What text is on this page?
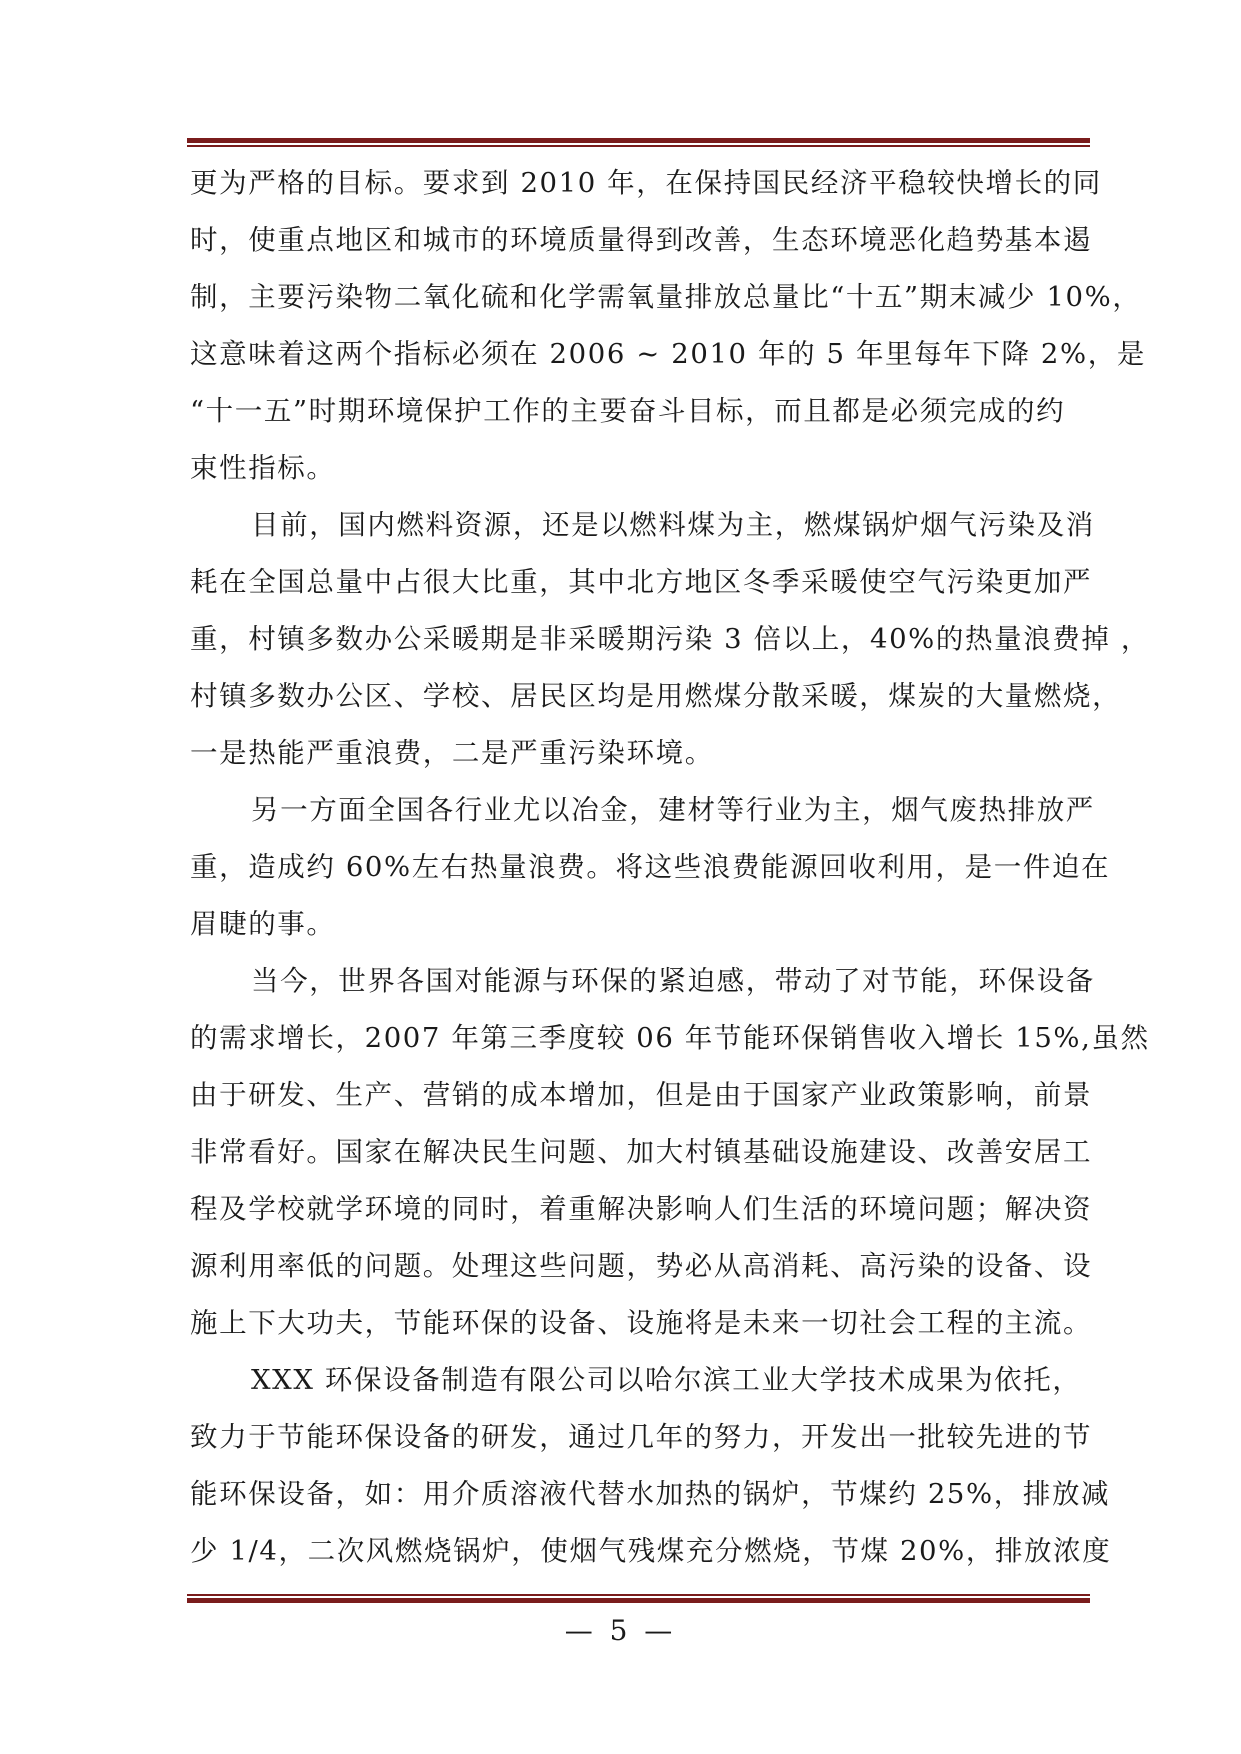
更为严格的目标。要求到 2010 年，在保持国民经济平稳较快增长的同
时，使重点地区和城市的环境质量得到改善，生态环境恶化趋势基本遏
制，主要污染物二氧化硫和化学需氧量排放总量比“十五”期末减少 10%，
这意味着这两个指标必须在 2006 ~ 2010 年的 5 年里每年下降 2%，是
“十一五”时期环境保护工作的主要奋斗目标，而且都是必须完成的约
束性指标。

目前，国内燃料资源，还是以燃料煤为主，燃煤锅炉烟气污染及消
耗在全国总量中占很大比重，其中北方地区冬季采暖使空气污染更加严
重，村镇多数办公采暖期是非采暖期污染 3 倍以上，40%的热量浪费掉 ，
村镇多数办公区、学校、居民区均是用燃煤分散采暖，煤炭的大量燃烧，
一是热能严重浪费，二是严重污染环境。

另一方面全国各行业尤以冶金，建材等行业为主，烟气废热排放严
重，造成约 60%左右热量浪费。将这些浪费能源回收利用，是一件迫在
眉睫的事。

当今，世界各国对能源与环保的紧迫感，带动了对节能，环保设备
的需求增长，2007 年第三季度较 06 年节能环保销售收入增长 15%,虽然
由于研发、生产、营销的成本增加，但是由于国家产业政策影响，前景
非常看好。国家在解决民生问题、加大村镇基础设施建设、改善安居工
程及学校就学环境的同时，着重解决影响人们生活的环境问题；解决资
源利用率低的问题。处理这些问题，势必从高消耗、高污染的设备、设
施上下大功夫，节能环保的设备、设施将是未来一切社会工程的主流。

XXX 环保设备制造有限公司以哈尔滨工业大学技术成果为依托，
致力于节能环保设备的研发，通过几年的努力，开发出一批较先进的节
能环保设备，如：用介质溶液代替水加热的锅炉，节煤约 25%，排放减
少 1/4，二次风燃烧锅炉，使烟气残煤充分燃烧，节煤 20%，排放浓度

— 5 —
